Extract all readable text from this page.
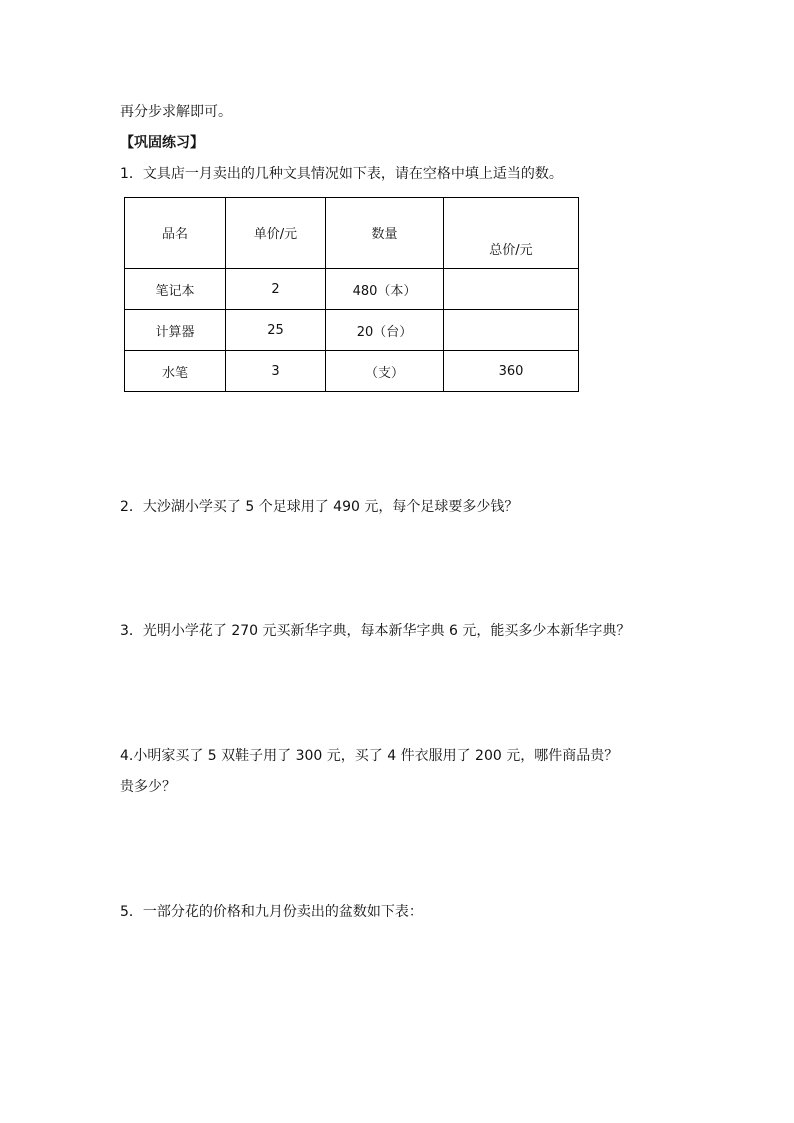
再分步求解即可。
【巩固练习】
1．文具店一月卖出的几种文具情况如下表，请在空格中填上适当的数。
品名	单价/元	数量	总价/元
笔记本	2	480（本）	
计算器	25	20（台）	
水笔	3	（支）	360
2．大沙湖小学买了 5 个足球用了 490 元，每个足球要多少钱？
3．光明小学花了 270 元买新华字典，每本新华字典 6 元，能买多少本新华字典？
4.小明家买了 5 双鞋子用了 300 元，买了 4 件衣服用了 200 元，哪件商品贵？
贵多少？
5．一部分花的价格和九月份卖出的盆数如下表：
